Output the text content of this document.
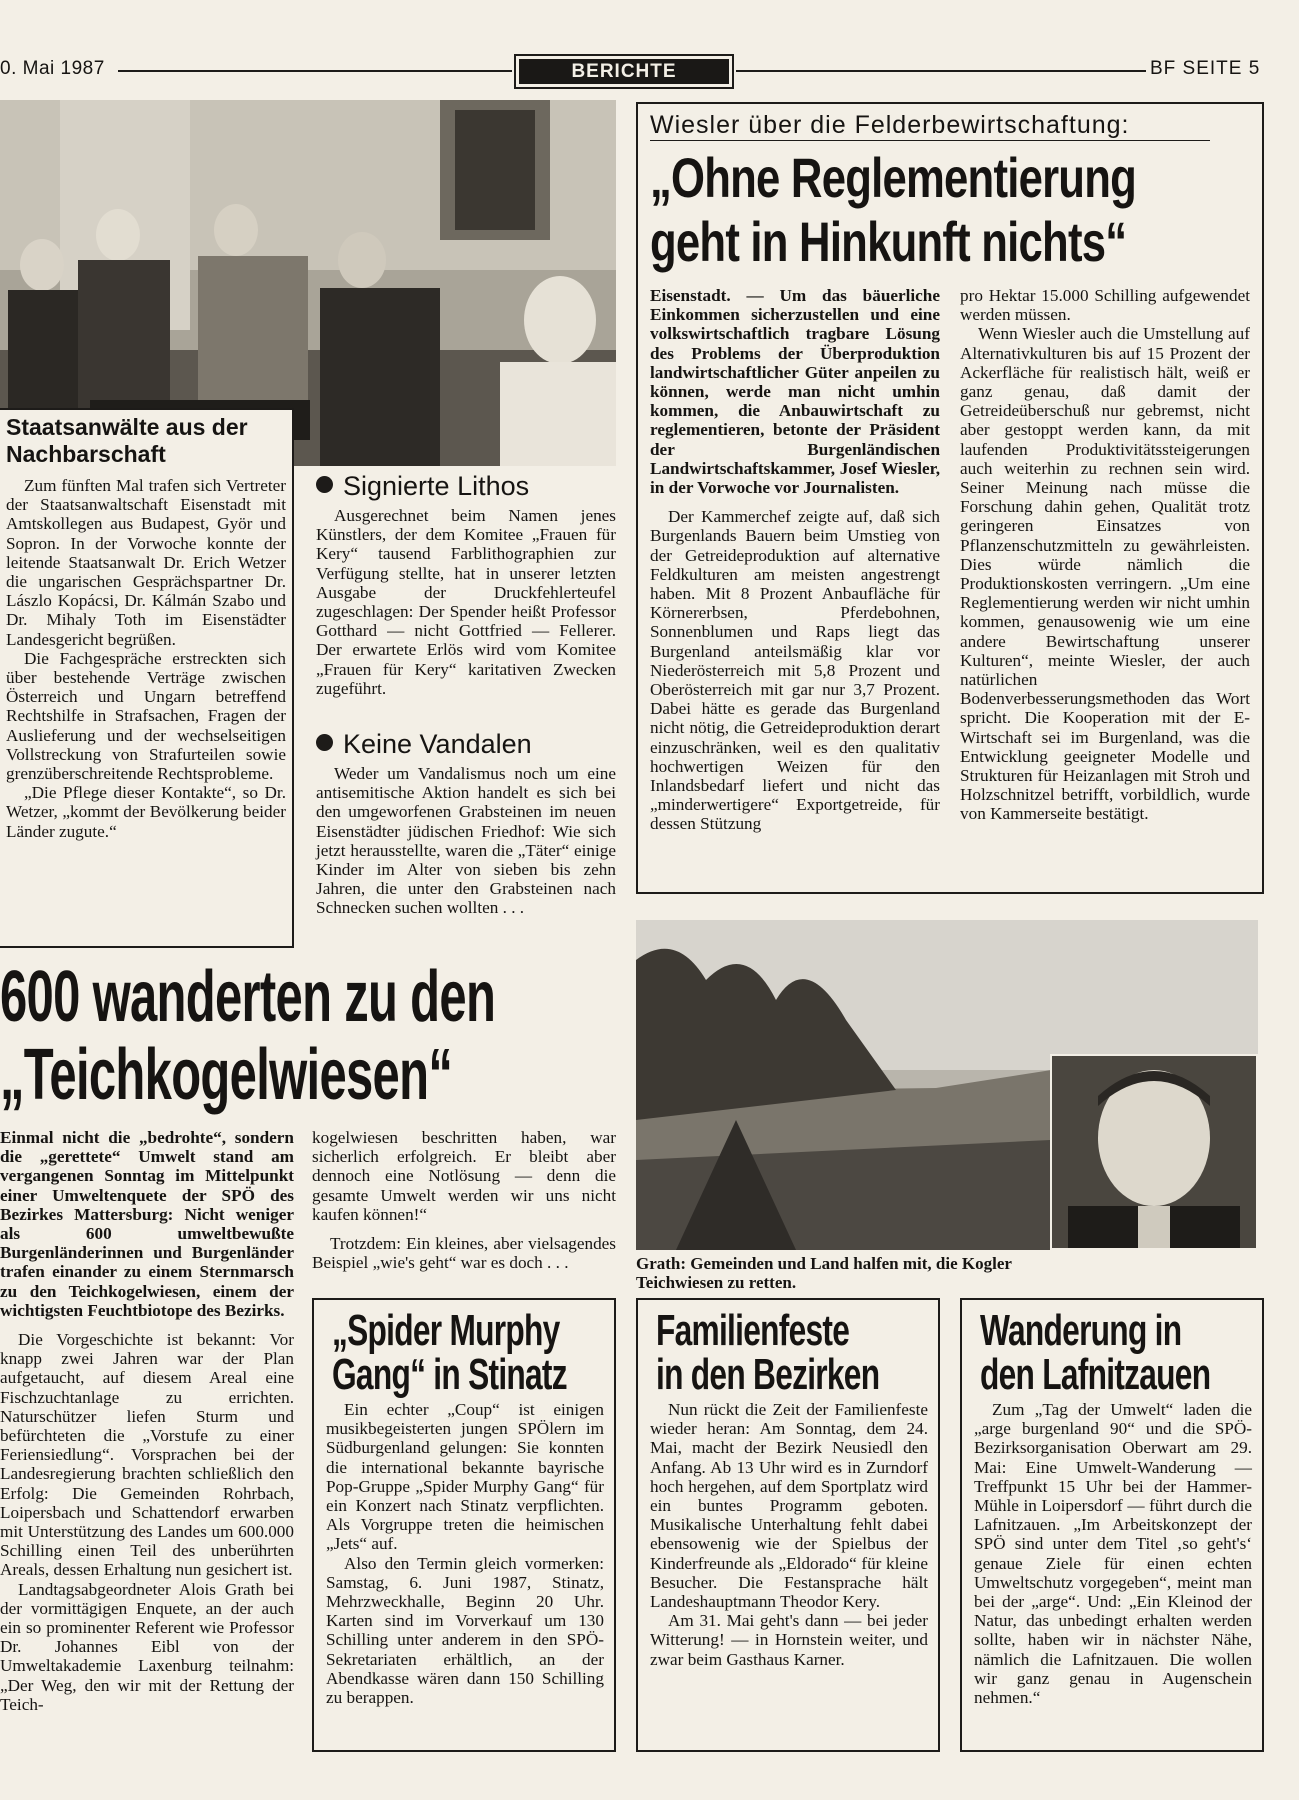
0. Mai 1987	BERICHTE	BF SEITE 5
Staatsanwälte aus der Nachbarschaft

Zum fünften Mal trafen sich Vertreter der Staatsanwaltschaft Eisenstadt mit Amtskollegen aus Budapest, Györ und Sopron. In der Vorwoche konnte der leitende Staatsanwalt Dr. Erich Wetzer die ungarischen Gesprächspartner Dr. Lászlo Kopácsi, Dr. Kálmán Szabo und Dr. Mihaly Toth im Eisenstädter Landesgericht begrüßen.

Die Fachgespräche erstreckten sich über bestehende Verträge zwischen Österreich und Ungarn betreffend Rechtshilfe in Strafsachen, Fragen der Auslieferung und der wechselseitigen Vollstreckung von Strafurteilen sowie grenzüberschreitende Rechtsprobleme.

„Die Pflege dieser Kontakte“, so Dr. Wetzer, „kommt der Bevölkerung beider Länder zugute.“

Signierte Lithos

Ausgerechnet beim Namen jenes Künstlers, der dem Komitee „Frauen für Kery“ tausend Farblithographien zur Verfügung stellte, hat in unserer letzten Ausgabe der Druckfehlerteufel zugeschlagen: Der Spender heißt Professor Gotthard — nicht Gottfried — Fellerer. Der erwartete Erlös wird vom Komitee „Frauen für Kery“ karitativen Zwecken zugeführt.

Keine Vandalen

Weder um Vandalismus noch um eine antisemitische Aktion handelt es sich bei den umgeworfenen Grabsteinen im neuen Eisenstädter jüdischen Friedhof: Wie sich jetzt herausstellte, waren die „Täter“ einige Kinder im Alter von sieben bis zehn Jahren, die unter den Grabsteinen nach Schnecken suchen wollten . . .

Wiesler über die Felderbewirtschaftung:
„Ohne Reglementierung
geht in Hinkunft nichts“

Eisenstadt. — Um das bäuerliche Einkommen sicherzustellen und eine volkswirtschaftlich tragbare Lösung des Problems der Überproduktion landwirtschaftlicher Güter anpeilen zu können, werde man nicht umhin kommen, die Anbauwirtschaft zu reglementieren, betonte der Präsident der Burgenländischen Landwirtschaftskammer, Josef Wiesler, in der Vorwoche vor Journalisten.

Der Kammerchef zeigte auf, daß sich Burgenlands Bauern beim Umstieg von der Getreideproduktion auf alternative Feldkulturen am meisten angestrengt haben. Mit 8 Prozent Anbaufläche für Körnererbsen, Pferdebohnen, Sonnenblumen und Raps liegt das Burgenland anteilsmäßig klar vor Niederösterreich mit 5,8 Prozent und Oberösterreich mit gar nur 3,7 Prozent. Dabei hätte es gerade das Burgenland nicht nötig, die Getreideproduktion derart einzuschränken, weil es den qualitativ hochwertigen Weizen für den Inlandsbedarf liefert und nicht das „minderwertigere“ Exportgetreide, für dessen Stützung

pro Hektar 15.000 Schilling aufgewendet werden müssen.

Wenn Wiesler auch die Umstellung auf Alternativkulturen bis auf 15 Prozent der Ackerfläche für realistisch hält, weiß er ganz genau, daß damit der Getreideüberschuß nur gebremst, nicht aber gestoppt werden kann, da mit laufenden Produktivitätssteigerungen auch weiterhin zu rechnen sein wird. Seiner Meinung nach müsse die Forschung dahin gehen, Qualität trotz geringeren Einsatzes von Pflanzenschutzmitteln zu gewährleisten. Dies würde nämlich die Produktionskosten verringern. „Um eine Reglementierung werden wir nicht umhin kommen, genausowenig wie um eine andere Bewirtschaftung unserer Kulturen“, meinte Wiesler, der auch natürlichen Bodenverbesserungsmethoden das Wort spricht. Die Kooperation mit der E-Wirtschaft sei im Burgenland, was die Entwicklung geeigneter Modelle und Strukturen für Heizanlagen mit Stroh und Holzschnitzel betrifft, vorbildlich, wurde von Kammerseite bestätigt.

600 wanderten zu den
„Teichkogelwiesen“

Einmal nicht die „bedrohte“, sondern die „gerettete“ Umwelt stand am vergangenen Sonntag im Mittelpunkt einer Umweltenquete der SPÖ des Bezirkes Mattersburg: Nicht weniger als 600 umweltbewußte Burgenländerinnen und Burgenländer trafen einander zu einem Sternmarsch zu den Teichkogelwiesen, einem der wichtigsten Feuchtbiotope des Bezirks.

Die Vorgeschichte ist bekannt: Vor knapp zwei Jahren war der Plan aufgetaucht, auf diesem Areal eine Fischzuchtanlage zu errichten. Naturschützer liefen Sturm und befürchteten die „Vorstufe zu einer Feriensiedlung“. Vorsprachen bei der Landesregierung brachten schließlich den Erfolg: Die Gemeinden Rohrbach, Loipersbach und Schattendorf erwarben mit Unterstützung des Landes um 600.000 Schilling einen Teil des unberührten Areals, dessen Erhaltung nun gesichert ist.

Landtagsabgeordneter Alois Grath bei der vormittägigen Enquete, an der auch ein so prominenter Referent wie Professor Dr. Johannes Eibl von der Umweltakademie Laxenburg teilnahm: „Der Weg, den wir mit der Rettung der Teich-

kogelwiesen beschritten haben, war sicherlich erfolgreich. Er bleibt aber dennoch eine Notlösung — denn die gesamte Umwelt werden wir uns nicht kaufen können!“

Trotzdem: Ein kleines, aber vielsagendes Beispiel „wie's geht“ war es doch . . .	Grath: Gemeinden und Land halfen mit, die Kogler Teichwiesen zu retten.
„Spider Murphy
Gang“ in Stinatz

Ein echter „Coup“ ist einigen musikbegeisterten jungen SPÖlern im Südburgenland gelungen: Sie konnten die international bekannte bayrische Pop-Gruppe „Spider Murphy Gang“ für ein Konzert nach Stinatz verpflichten. Als Vorgruppe treten die heimischen „Jets“ auf.

Also den Termin gleich vormerken: Samstag, 6. Juni 1987, Stinatz, Mehrzweckhalle, Beginn 20 Uhr. Karten sind im Vorverkauf um 130 Schilling unter anderem in den SPÖ-Sekretariaten erhältlich, an der Abendkasse wären dann 150 Schilling zu berappen.

Familienfeste
in den Bezirken

Nun rückt die Zeit der Familienfeste wieder heran: Am Sonntag, dem 24. Mai, macht der Bezirk Neusiedl den Anfang. Ab 13 Uhr wird es in Zurndorf hoch hergehen, auf dem Sportplatz wird ein buntes Programm geboten. Musikalische Unterhaltung fehlt dabei ebensowenig wie der Spielbus der Kinderfreunde als „Eldorado“ für kleine Besucher. Die Festansprache hält Landeshauptmann Theodor Kery.

Am 31. Mai geht's dann — bei jeder Witterung! — in Hornstein weiter, und zwar beim Gasthaus Karner.

Wanderung in
den Lafnitzauen

Zum „Tag der Umwelt“ laden die „arge burgenland 90“ und die SPÖ-Bezirksorganisation Oberwart am 29. Mai: Eine Umwelt-Wanderung — Treffpunkt 15 Uhr bei der Hammer-Mühle in Loipersdorf — führt durch die Lafnitzauen. „Im Arbeitskonzept der SPÖ sind unter dem Titel ‚so geht's‘ genaue Ziele für einen echten Umweltschutz vorgegeben“, meint man bei der „arge“. Und: „Ein Kleinod der Natur, das unbedingt erhalten werden sollte, haben wir in nächster Nähe, nämlich die Lafnitzauen. Die wollen wir ganz genau in Augenschein nehmen.“
